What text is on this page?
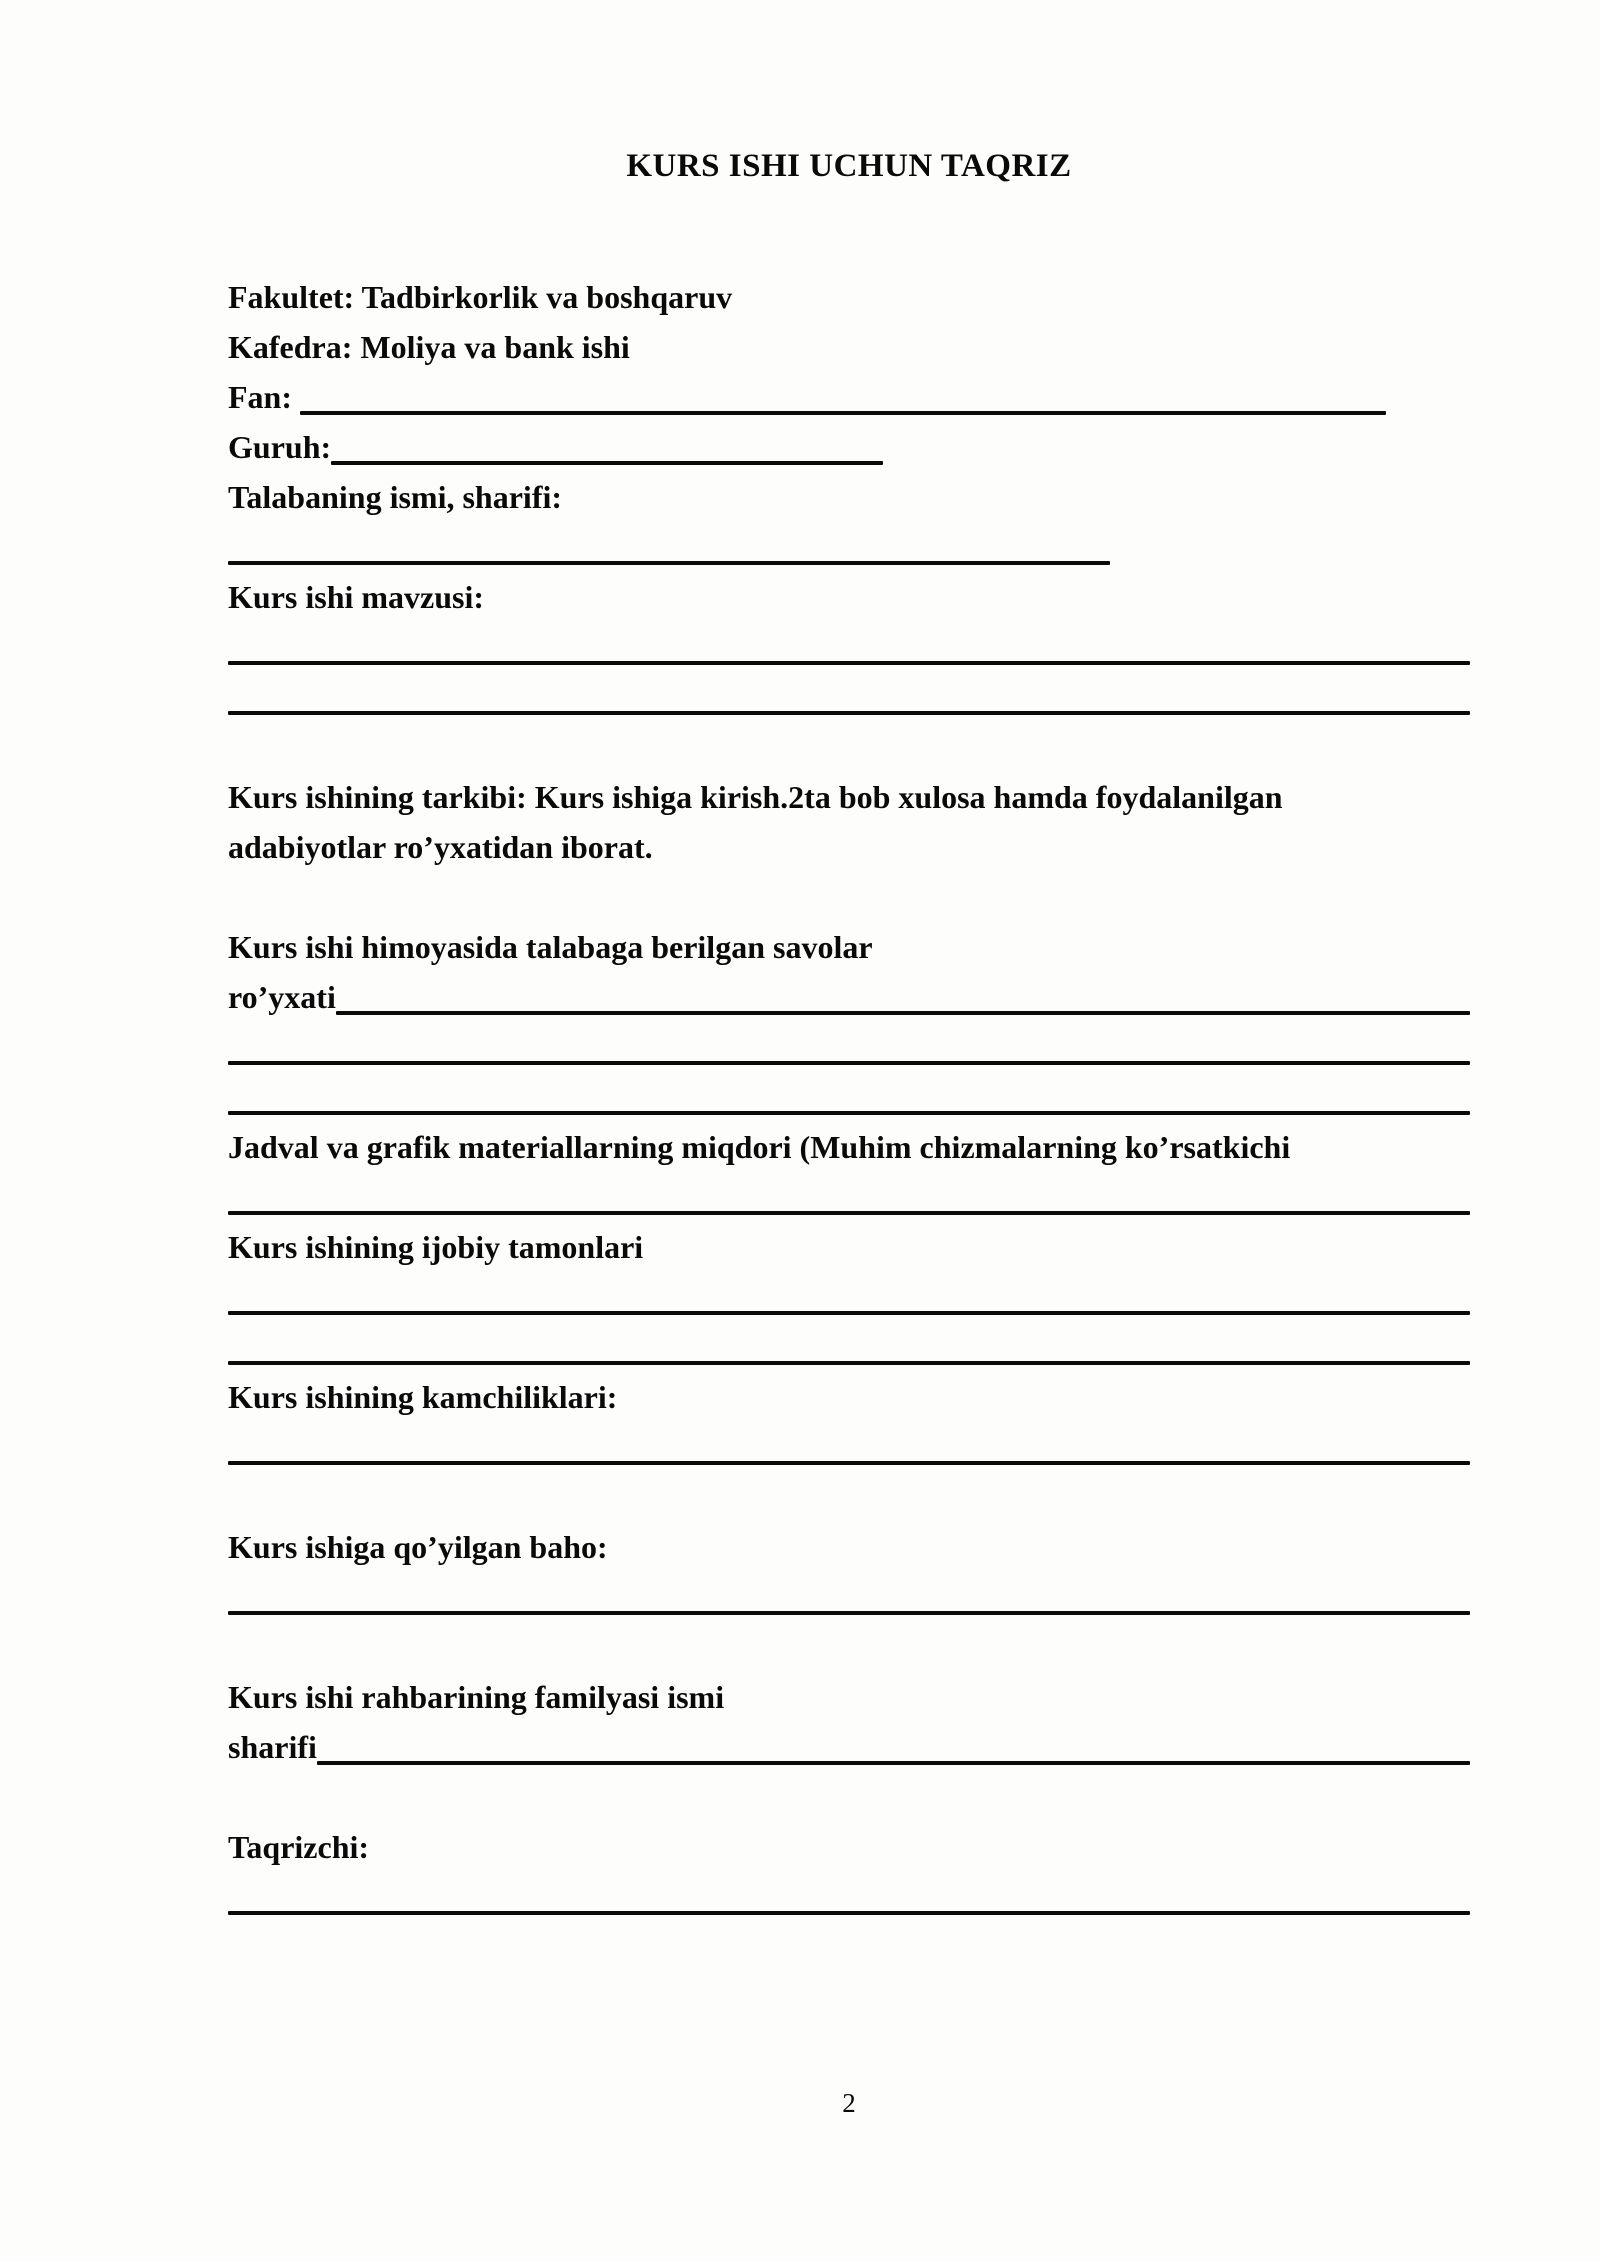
KURS ISHI UCHUN TAQRIZ
Fakultet: Tadbirkorlik va boshqaruv
Kafedra: Moliya va bank ishi
Fan:
Guruh:
Talabaning ismi, sharifi:
Kurs ishi mavzusi:
Kurs ishining tarkibi: Kurs ishiga kirish.2ta bob xulosa hamda foydalanilgan
adabiyotlar ro’yxatidan iborat.
Kurs ishi himoyasida talabaga berilgan savolar
ro’yxati
Jadval va grafik materiallarning miqdori (Muhim chizmalarning ko’rsatkichi
Kurs ishining ijobiy tamonlari
Kurs ishining kamchiliklari:
Kurs ishiga qo’yilgan baho:
Kurs ishi rahbarining familyasi ismi
sharifi
Taqrizchi:
2
